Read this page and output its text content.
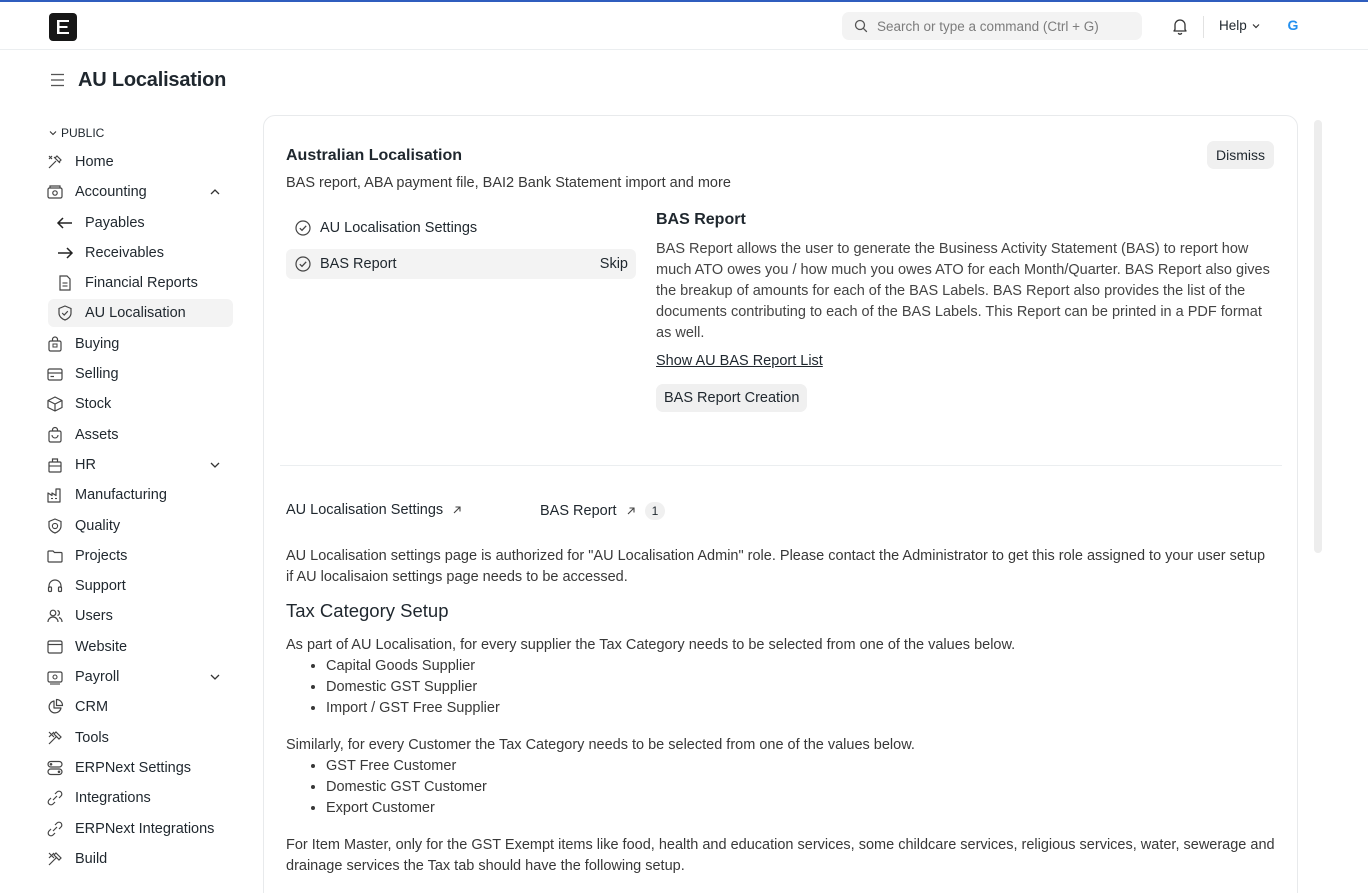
Search or type a command (Ctrl + G)
Help	G
AU Localisation
PUBLIC
Home
Accounting
Payables
Receivables
Financial Reports
AU Localisation
Buying
Selling
Stock
Assets
HR
Manufacturing
Quality
Projects
Support
Users
Website
Payroll
CRM
Tools
ERPNext Settings
Integrations
ERPNext Integrations
Build
Australian Localisation
BAS report, ABA payment file, BAI2 Bank Statement import and more
Dismiss
AU Localisation Settings
BAS Report	Skip
BAS Report

BAS Report allows the user to generate the Business Activity Statement (BAS) to report how much ATO owes you / how much you owes ATO for each Month/Quarter. BAS Report also gives the breakup of amounts for each of the BAS Labels. BAS Report also provides the list of the documents contributing to each of the BAS Labels. This Report can be printed in a PDF format as well.

Show AU BAS Report List
BAS Report Creation
AU Localisation Settings	BAS Report	1

AU Localisation settings page is authorized for "AU Localisation Admin" role. Please contact the Administrator to get this role assigned to your user setup if AU localisaion settings page needs to be accessed.

Tax Category Setup

As part of AU Localisation, for every supplier the Tax Category needs to be selected from one of the values below.

• Capital Goods Supplier
• Domestic GST Supplier
• Import / GST Free Supplier

Similarly, for every Customer the Tax Category needs to be selected from one of the values below.

• GST Free Customer
• Domestic GST Customer
• Export Customer

For Item Master, only for the GST Exempt items like food, health and education services, some childcare services, religious services, water, sewerage and drainage services the Tax tab should have the following setup.
